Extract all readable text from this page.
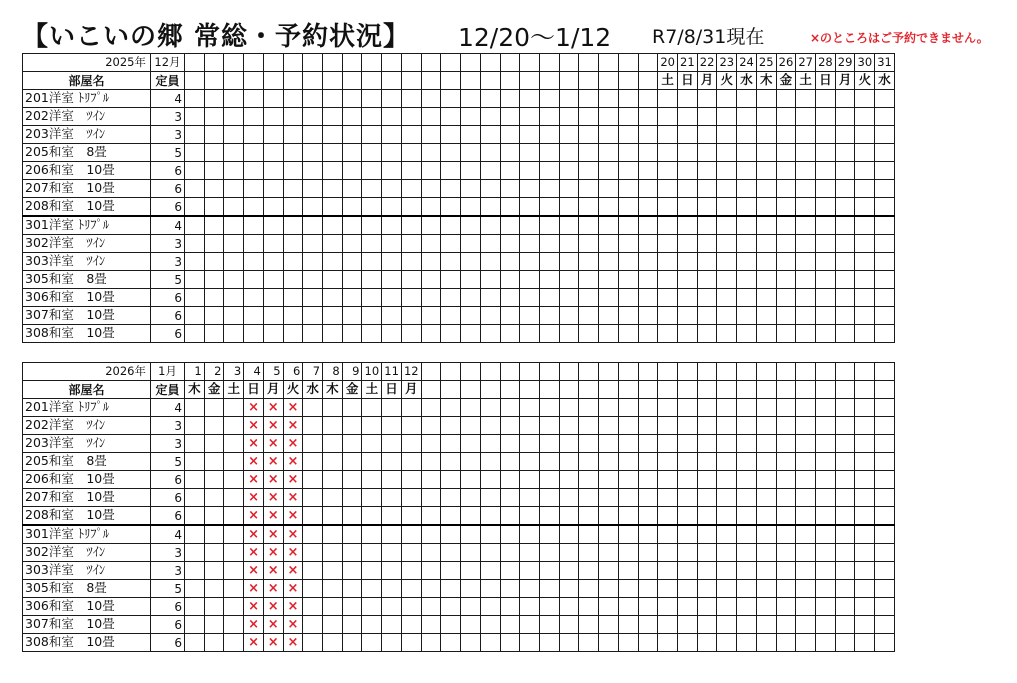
【いこいの郷 常総・予約状況】 12/20～1/12 R7/8/31現在	×のところはご予約できません。
2025年	12月																									20	21	22	23	24	25	26	27	28	29	30	31
部屋名	定員																									土	日	月	火	水	木	金	土	日	月	火	水
201洋室 ﾄﾘﾌﾟﾙ	4																																				
202洋室　ﾂｲﾝ	3																																				
203洋室　ﾂｲﾝ	3																																				
205和室　8畳	5																																				
206和室　10畳	6																																				
207和室　10畳	6																																				
208和室　10畳	6																																				
301洋室 ﾄﾘﾌﾟﾙ	4																																				
302洋室　ﾂｲﾝ	3																																				
303洋室　ﾂｲﾝ	3																																				
305和室　8畳	5																																				
306和室　10畳	6																																				
307和室　10畳	6																																				
308和室　10畳	6																																				
2026年	1月	1	2	3	4	5	6	7	8	9	10	11	12																								
部屋名	定員	木	金	土	日	月	火	水	木	金	土	日	月																								
201洋室 ﾄﾘﾌﾟﾙ	4				×	×	×																														
202洋室　ﾂｲﾝ	3				×	×	×																														
203洋室　ﾂｲﾝ	3				×	×	×																														
205和室　8畳	5				×	×	×																														
206和室　10畳	6				×	×	×																														
207和室　10畳	6				×	×	×																														
208和室　10畳	6				×	×	×																														
301洋室 ﾄﾘﾌﾟﾙ	4				×	×	×																														
302洋室　ﾂｲﾝ	3				×	×	×																														
303洋室　ﾂｲﾝ	3				×	×	×																														
305和室　8畳	5				×	×	×																														
306和室　10畳	6				×	×	×																														
307和室　10畳	6				×	×	×																														
308和室　10畳	6				×	×	×																														
